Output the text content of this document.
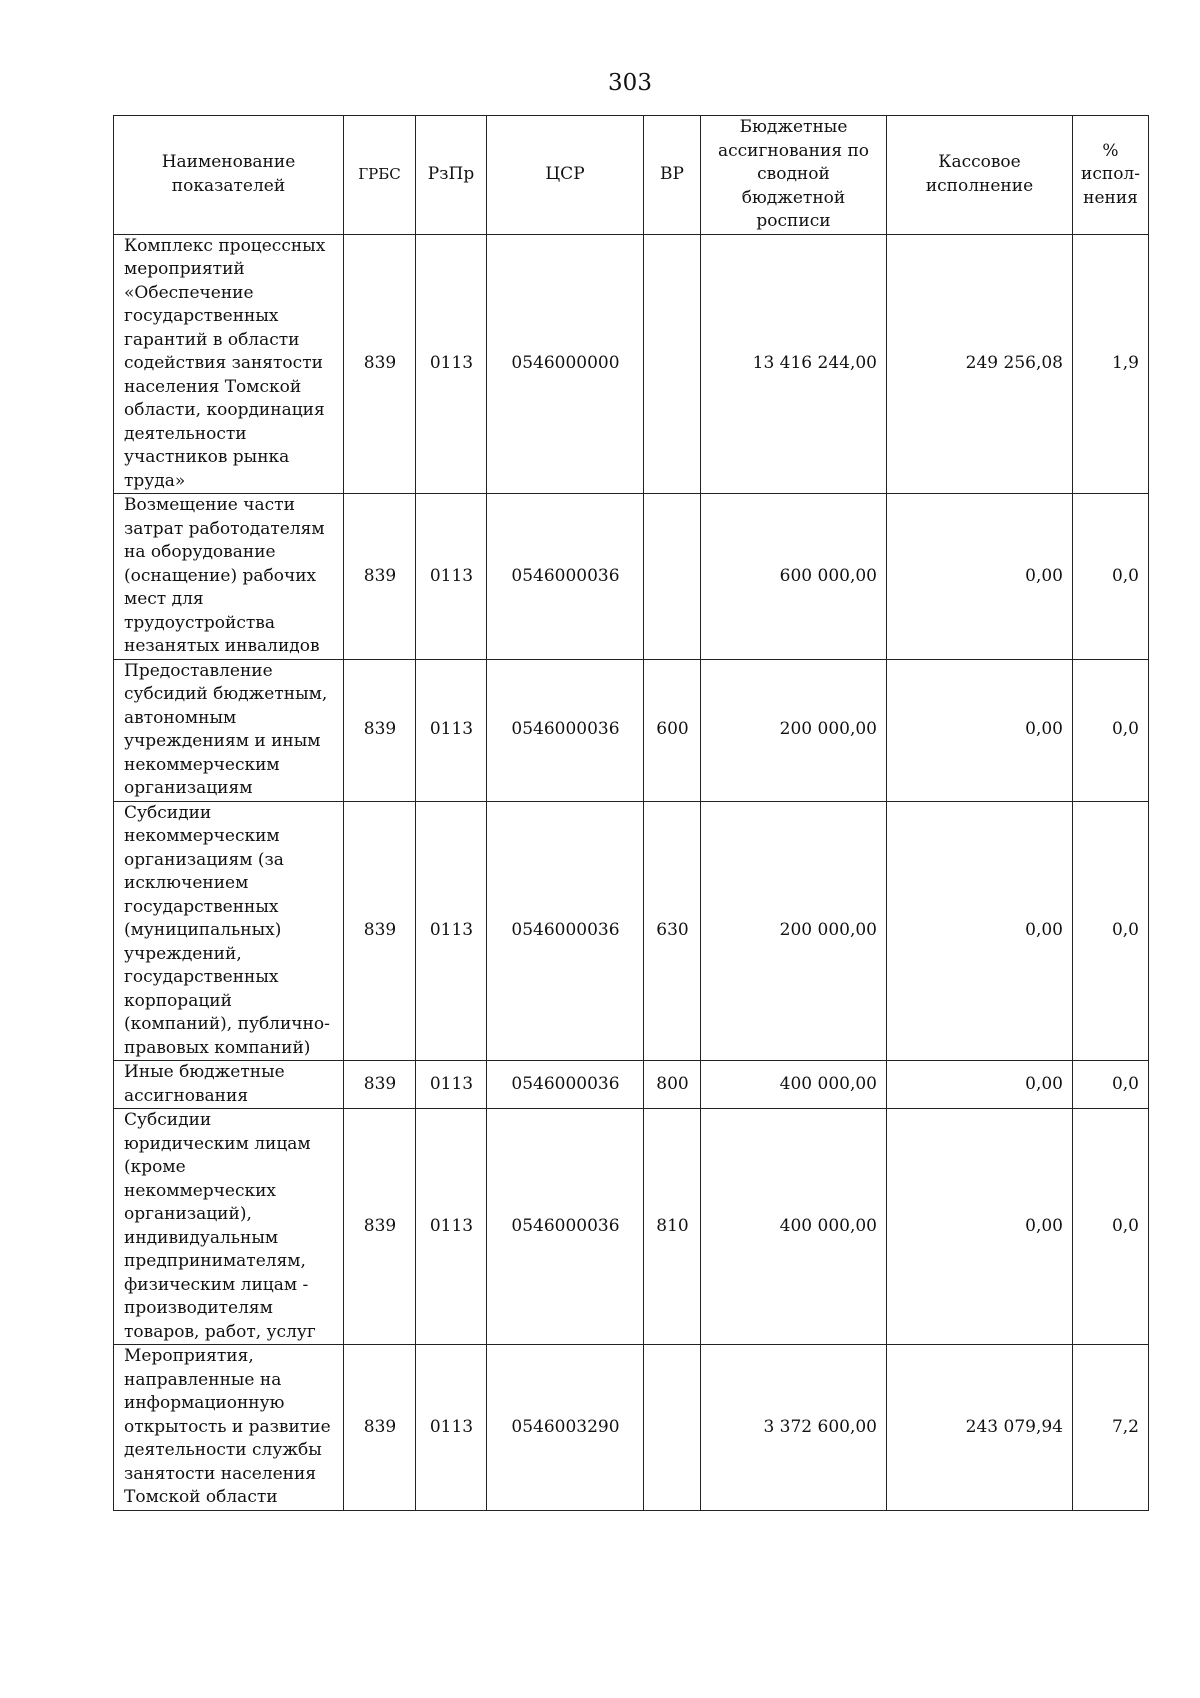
303
Наименование показателей	ГРБС	РзПр	ЦСР	ВР	Бюджетные ассигнования по сводной бюджетной росписи	Кассовое исполнение	% испол-нения
Комплекс процессных мероприятий «Обеспечение государственных гарантий в области содействия занятости населения Томской области, координация деятельности участников рынка труда»	839	0113	0546000000		13 416 244,00	249 256,08	1,9
Возмещение части затрат работодателям на оборудование (оснащение) рабочих мест для трудоустройства незанятых инвалидов	839	0113	0546000036		600 000,00	0,00	0,0
Предоставление субсидий бюджетным, автономным учреждениям и иным некоммерческим организациям	839	0113	0546000036	600	200 000,00	0,00	0,0
Субсидии некоммерческим организациям (за исключением государственных (муниципальных) учреждений, государственных корпораций (компаний), публично-правовых компаний)	839	0113	0546000036	630	200 000,00	0,00	0,0
Иные бюджетные ассигнования	839	0113	0546000036	800	400 000,00	0,00	0,0
Субсидии юридическим лицам (кроме некоммерческих организаций), индивидуальным предпринимателям, физическим лицам - производителям товаров, работ, услуг	839	0113	0546000036	810	400 000,00	0,00	0,0
Мероприятия, направленные на информационную открытость и развитие деятельности службы занятости населения Томской области	839	0113	0546003290		3 372 600,00	243 079,94	7,2
